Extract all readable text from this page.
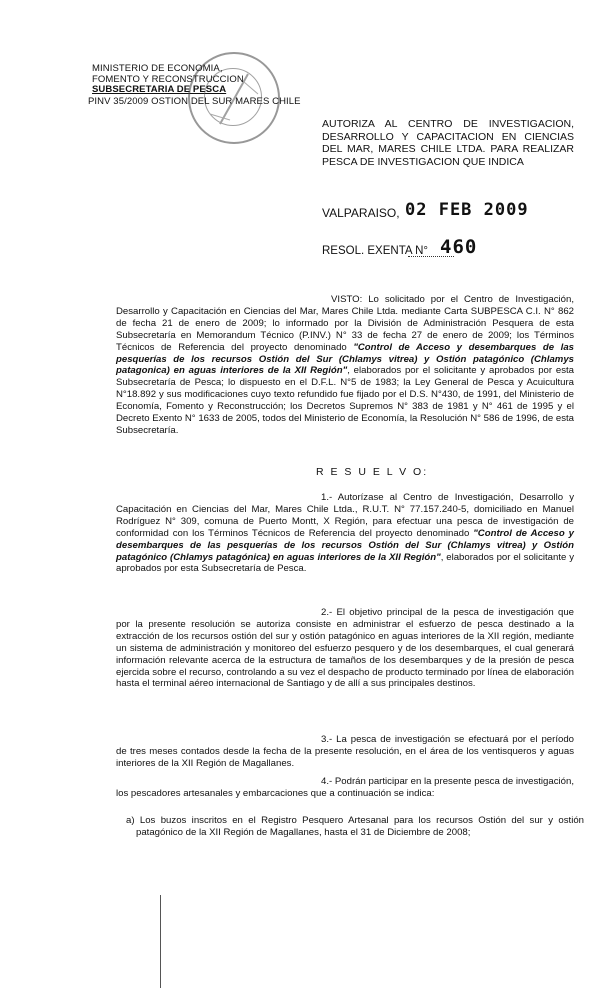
MINISTERIO DE ECONOMIA,
FOMENTO Y RECONSTRUCCION
SUBSECRETARIA DE PESCA
PINV 35/2009 OSTION DEL SUR MARES CHILE
AUTORIZA AL CENTRO DE INVESTIGACION, DESARROLLO Y CAPACITACION EN CIENCIAS DEL MAR, MARES CHILE LTDA. PARA REALIZAR PESCA DE INVESTIGACION QUE INDICA
VALPARAISO, 02 FEB 2009
RESOL. EXENTA N° 460
VISTO: Lo solicitado por el Centro de Investigación, Desarrollo y Capacitación en Ciencias del Mar, Mares Chile Ltda. mediante Carta SUBPESCA C.I. N° 862 de fecha 21 de enero de 2009; lo informado por la División de Administración Pesquera de esta Subsecretaría en Memorandum Técnico (P.INV.) N° 33 de fecha 27 de enero de 2009; los Términos Técnicos de Referencia del proyecto denominado "Control de Acceso y desembarques de las pesquerías de los recursos Ostión del Sur (Chlamys vitrea) y Ostión patagónico (Chlamys patagonica) en aguas interiores de la XII Región", elaborados por el solicitante y aprobados por esta Subsecretaría de Pesca; lo dispuesto en el D.F.L. N°5 de 1983; la Ley General de Pesca y Acuicultura N°18.892 y sus modificaciones cuyo texto refundido fue fijado por el D.S. N°430, de 1991, del Ministerio de Economía, Fomento y Reconstrucción; los Decretos Supremos N° 383 de 1981 y N° 461 de 1995 y el Decreto Exento N° 1633 de 2005, todos del Ministerio de Economía, la Resolución N° 586 de 1996, de esta Subsecretaría.
R E S U E L V O:
1.- Autorízase al Centro de Investigación, Desarrollo y Capacitación en Ciencias del Mar, Mares Chile Ltda., R.U.T. N° 77.157.240-5, domiciliado en Manuel Rodríguez N° 309, comuna de Puerto Montt, X Región, para efectuar una pesca de investigación de conformidad con los Términos Técnicos de Referencia del proyecto denominado "Control de Acceso y desembarques de las pesquerías de los recursos Ostión del Sur (Chlamys vitrea) y Ostión patagónico (Chlamys patagónica) en aguas interiores de la XII Región", elaborados por el solicitante y aprobados por esta Subsecretaría de Pesca.
2.- El objetivo principal de la pesca de investigación que por la presente resolución se autoriza consiste en administrar el esfuerzo de pesca destinado a la extracción de los recursos ostión del sur y ostión patagónico en aguas interiores de la XII región, mediante un sistema de administración y monitoreo del esfuerzo pesquero y de los desembarques, el cual generará información relevante acerca de la estructura de tamaños de los desembarques y de la presión de pesca ejercida sobre el recurso, controlando a su vez el despacho de producto terminado por línea de elaboración hasta el terminal aéreo internacional de Santiago y de allí a sus principales destinos.
3.- La pesca de investigación se efectuará por el período de tres meses contados desde la fecha de la presente resolución, en el área de los ventisqueros y aguas interiores de la XII Región de Magallanes.
4.- Podrán participar en la presente pesca de investigación, los pescadores artesanales y embarcaciones que a continuación se indica:
a) Los buzos inscritos en el Registro Pesquero Artesanal para los recursos Ostión del sur y ostión patagónico de la XII Región de Magallanes, hasta el 31 de Diciembre de 2008;
